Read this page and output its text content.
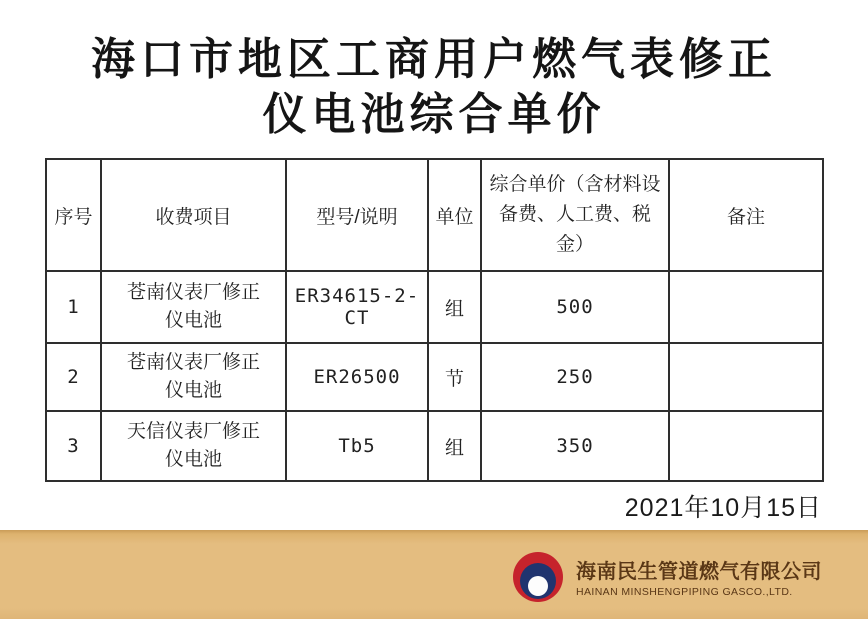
海口市地区工商用户燃气表修正
仪电池综合单价
序号	收费项目	型号/说明	单位	综合单价（含材料设备费、人工费、税金）	备注
1	苍南仪表厂修正仪电池	ER34615-2-CT	组	500	
2	苍南仪表厂修正仪电池	ER26500	节	250	
3	天信仪表厂修正仪电池	Tb5	组	350	
2021年10月15日
海南民生管道燃气有限公司
HAINAN MINSHENGPIPING GASCO.,LTD.
